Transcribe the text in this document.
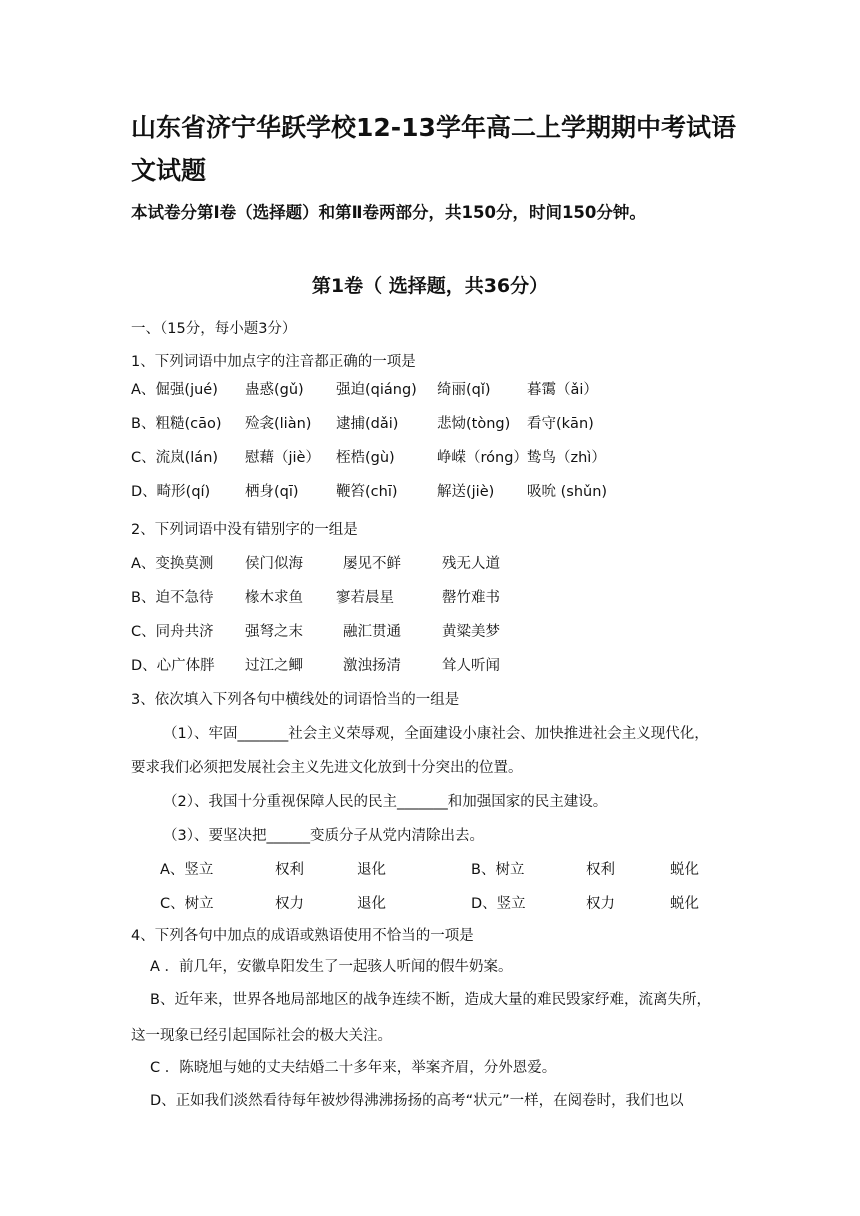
山东省济宁华跃学校12-13学年高二上学期期中考试语文试题
本试卷分第Ⅰ卷（选择题）和第Ⅱ卷两部分，共150分，时间150分钟。
第1卷（ 选择题，共36分）
一、（15分，每小题3分）
1、下列词语中加点字的注音都正确的一项是
A、倔强(jué) 蛊惑(gǔ) 强迫(qiáng) 绮丽(qǐ)	暮霭（ǎi）
B、粗糙(cāo) 殓衾(liàn) 逮捕(dǎi)	悲恸(tòng) 看守(kān)
C、流岚(lán) 慰藉（jiè） 桎梏(gù)	峥嵘（róng） 鸷鸟（zhì）
D、畸形(qí) 栖身(qī)	鞭笞(chī)	解送(jiè) 吸吮 (shǔn)
2、下列词语中没有错别字的一组是
A、变换莫测 侯门似海	屡见不鲜	残无人道
B、迫不急待 椽木求鱼 寥若晨星	罄竹难书
C、同舟共济 强弩之末	融汇贯通	黄粱美梦
D、心广体胖 过江之鲫	激浊扬清	耸人听闻
3、依次填入下列各句中横线处的词语恰当的一组是
（1）、牢固_______社会主义荣辱观，全面建设小康社会、加快推进社会主义现代化，
要求我们必须把发展社会主义先进文化放到十分突出的位置。
（2）、我国十分重视保障人民的民主_______和加强国家的民主建设。
（3）、要坚决把______变质分子从党内清除出去。
A、竖立	权利	退化	B、树立	权利	蜕化
C、树立	权力	退化	D、竖立	权力	蜕化
4、下列各句中加点的成语或熟语使用不恰当的一项是
A ．前几年，安徽阜阳发生了一起骇人听闻的假牛奶案。
B、近年来，世界各地局部地区的战争连续不断，造成大量的难民毁家纾难，流离失所，
这一现象已经引起国际社会的极大关注。
C ．陈晓旭与她的丈夫结婚二十多年来，举案齐眉，分外恩爱。
D、正如我们淡然看待每年被炒得沸沸扬扬的高考“状元”一样，在阅卷时，我们也以
